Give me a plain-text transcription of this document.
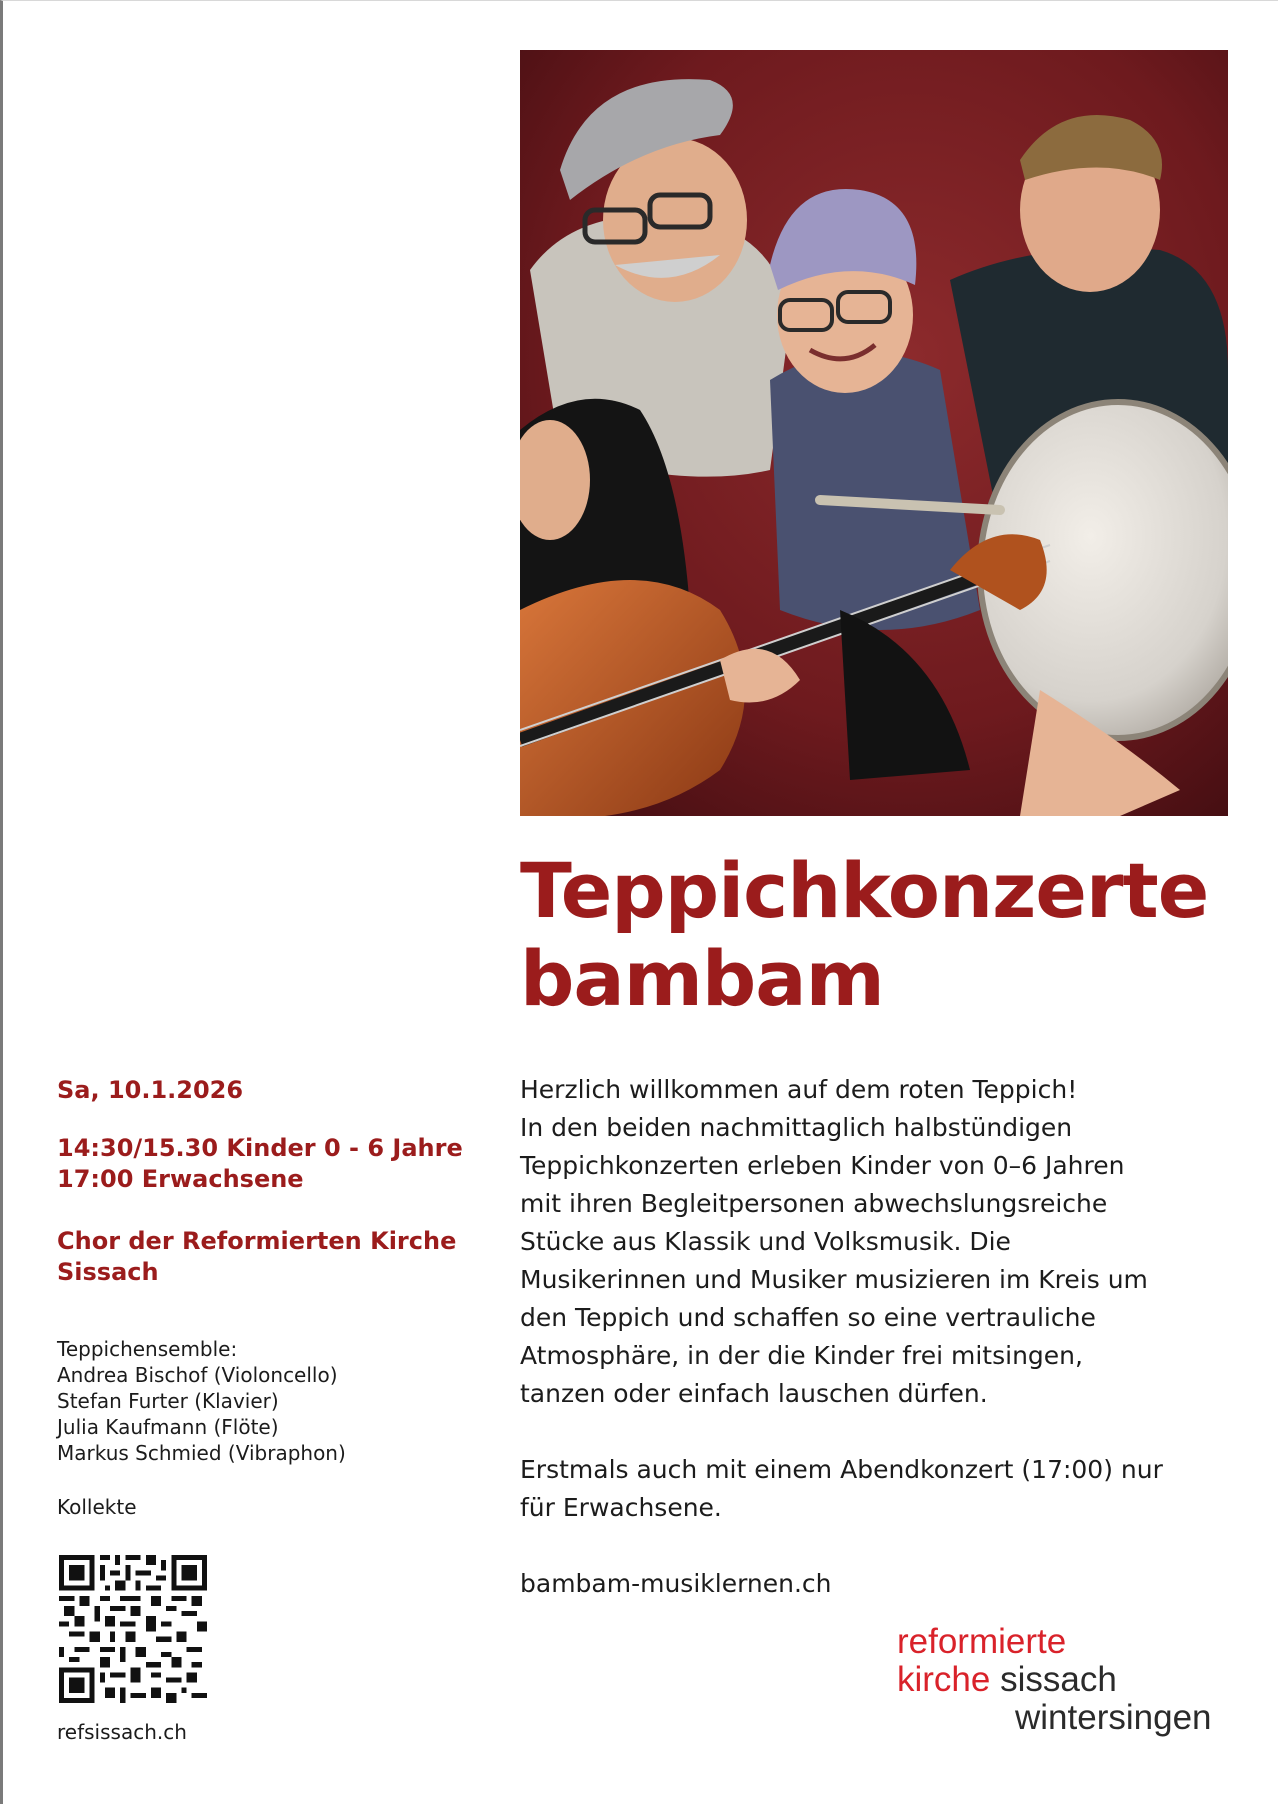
Teppichkonzerte
bambam

Sa, 10.1.2026

14:30/15.30 Kinder 0 - 6 Jahre
17:00 Erwachsene

Chor der Reformierten Kirche
Sissach

Teppichensemble:
Andrea Bischof (Violoncello)
Stefan Furter (Klavier)
Julia Kaufmann (Flöte)
Markus Schmied (Vibraphon)

Kollekte

refsissach.ch

Herzlich willkommen auf dem roten Teppich!
In den beiden nachmittaglich halbstündigen
Teppichkonzerten erleben Kinder von 0–6 Jahren
mit ihren Begleitpersonen abwechslungsreiche
Stücke aus Klassik und Volksmusik. Die
Musikerinnen und Musiker musizieren im Kreis um
den Teppich und schaffen so eine vertrauliche
Atmosphäre, in der die Kinder frei mitsingen,
tanzen oder einfach lauschen dürfen.

Erstmals auch mit einem Abendkonzert (17:00) nur
für Erwachsene.

bambam-musiklernen.ch

reformierte
kirche sissach
wintersingen
